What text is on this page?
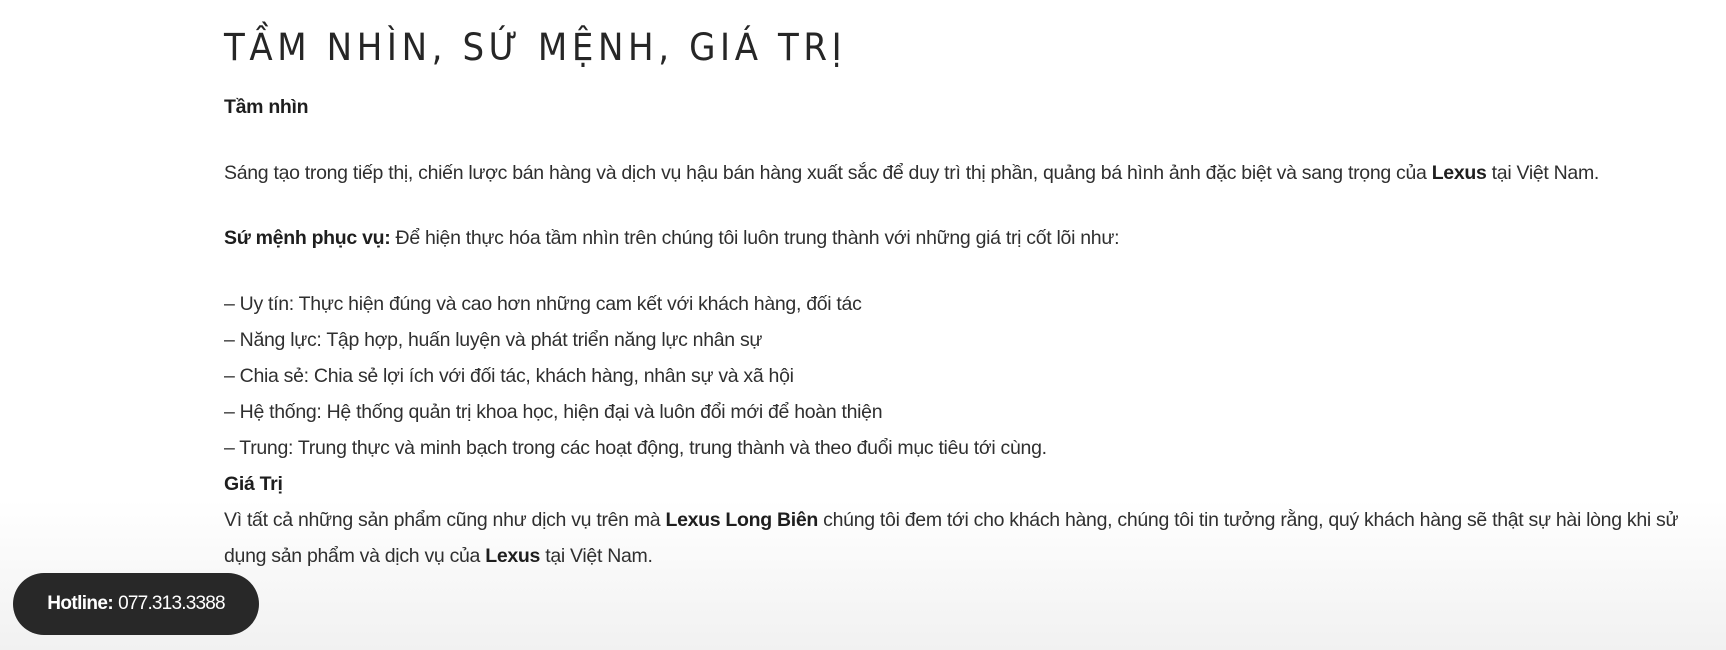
TẦM NHÌN, SỨ MỆNH, GIÁ TRỊ
Tầm nhìn
Sáng tạo trong tiếp thị, chiến lược bán hàng và dịch vụ hậu bán hàng xuất sắc để duy trì thị phần, quảng bá hình ảnh đặc biệt và sang trọng của Lexus tại Việt Nam.
Sứ mệnh phục vụ: Để hiện thực hóa tầm nhìn trên chúng tôi luôn trung thành với những giá trị cốt lõi như:
– Uy tín: Thực hiện đúng và cao hơn những cam kết với khách hàng, đối tác
– Năng lực: Tập hợp, huấn luyện và phát triển năng lực nhân sự
– Chia sẻ: Chia sẻ lợi ích với đối tác, khách hàng, nhân sự và xã hội
– Hệ thống: Hệ thống quản trị khoa học, hiện đại và luôn đổi mới để hoàn thiện
– Trung: Trung thực và minh bạch trong các hoạt động, trung thành và theo đuổi mục tiêu tới cùng.
Giá Trị
Vì tất cả những sản phẩm cũng như dịch vụ trên mà Lexus Long Biên chúng tôi đem tới cho khách hàng, chúng tôi tin tưởng rằng, quý khách hàng sẽ thật sự hài lòng khi sử
dụng sản phẩm và dịch vụ của Lexus tại Việt Nam.
Hotline: 077.313.3388
